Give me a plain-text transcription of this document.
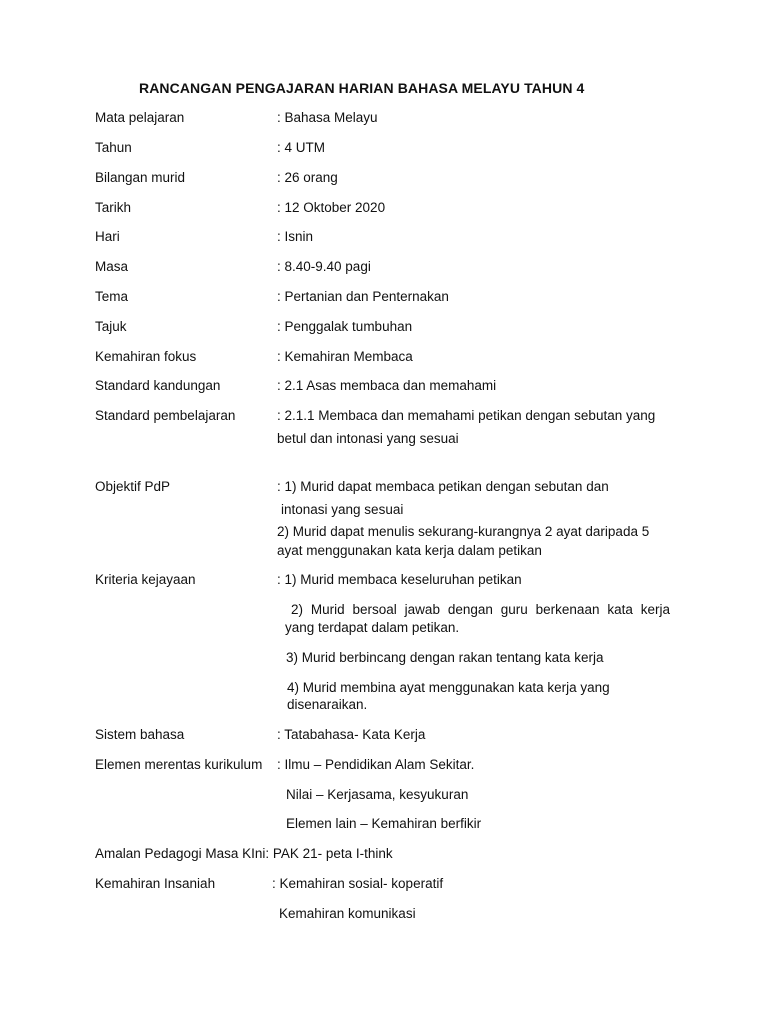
RANCANGAN PENGAJARAN HARIAN BAHASA MELAYU TAHUN 4
Mata pelajaran	: Bahasa Melayu
Tahun	: 4 UTM
Bilangan murid	: 26 orang
Tarikh	: 12 Oktober 2020
Hari	: Isnin
Masa	: 8.40-9.40 pagi
Tema	: Pertanian dan Penternakan
Tajuk	: Penggalak tumbuhan
Kemahiran fokus	: Kemahiran Membaca
Standard kandungan	: 2.1 Asas membaca dan memahami
Standard pembelajaran	: 2.1.1 Membaca dan memahami petikan dengan sebutan yang
betul dan intonasi yang sesuai
Objektif PdP	: 1) Murid dapat membaca petikan dengan sebutan dan
intonasi yang sesuai
2) Murid dapat menulis sekurang-kurangnya 2 ayat daripada 5
ayat menggunakan kata kerja dalam petikan
Kriteria kejayaan	: 1) Murid membaca keseluruhan petikan
2) Murid bersoal jawab dengan guru berkenaan kata kerja
yang terdapat dalam petikan.
3) Murid berbincang dengan rakan tentang kata kerja
4) Murid membina ayat menggunakan kata kerja yang
disenaraikan.
Sistem bahasa	: Tatabahasa- Kata Kerja
Elemen merentas kurikulum : Ilmu – Pendidikan Alam Sekitar.
Nilai – Kerjasama, kesyukuran
Elemen lain – Kemahiran berfikir
Amalan Pedagogi Masa KIni: PAK 21- peta I-think
Kemahiran Insaniah	: Kemahiran sosial- koperatif
Kemahiran komunikasi
